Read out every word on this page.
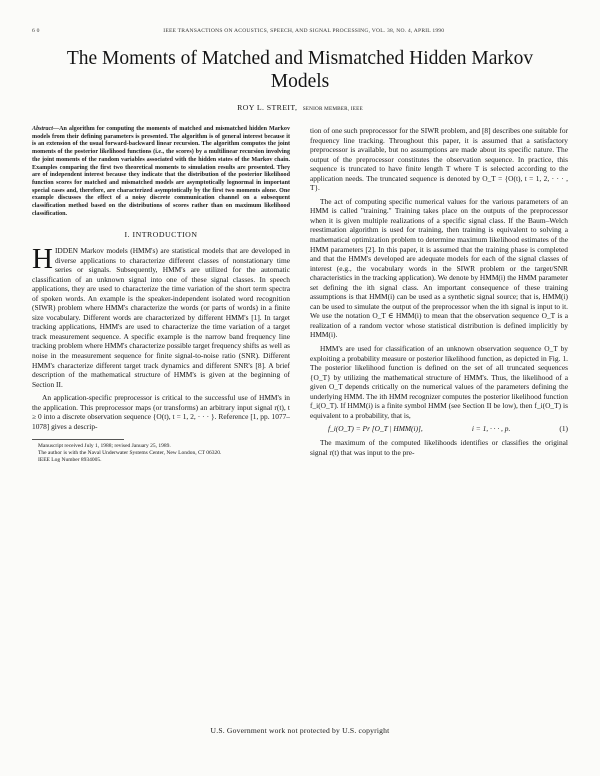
6 0	IEEE TRANSACTIONS ON ACOUSTICS, SPEECH, AND SIGNAL PROCESSING, VOL. 38, NO. 4, APRIL 1990
The Moments of Matched and Mismatched Hidden Markov Models
ROY L. STREIT, SENIOR MEMBER, IEEE
Abstract—An algorithm for computing the moments of matched and mismatched hidden Markov models from their defining parameters is presented. The algorithm is of general interest because it is an extension of the usual forward-backward linear recursion. The algorithm computes the joint moments of the posterior likelihood functions (i.e., the scores) by a multilinear recursion involving the joint moments of the random variables associated with the hidden states of the Markov chain. Examples comparing the first two theoretical moments to simulation results are presented. They are of independent interest because they indicate that the distribution of the posterior likelihood function scores for matched and mismatched models are asymptotically lognormal in important special cases and, therefore, are characterized asymptotically by the first two moments alone. One example discusses the effect of a noisy discrete communication channel on a subsequent classification method based on the distributions of scores rather than on maximum likelihood classification.
I. INTRODUCTION

HIDDEN Markov models (HMM's) are statistical models that are developed in diverse applications to characterize different classes of nonstationary time series or signals. Subsequently, HMM's are utilized for the automatic classification of an unknown signal into one of these signal classes. In speech applications, they are used to characterize the time variation of the short term spectra of spoken words. An example is the speaker-independent isolated word recognition (SIWR) problem where HMM's characterize the words (or parts of words) in a finite size vocabulary. Different words are characterized by different HMM's [1]. In target tracking applications, HMM's are used to characterize the time variation of a target track measurement sequence. A specific example is the narrow band frequency line tracking problem where HMM's characterize possible target frequency shifts as well as noise in the measurement sequence for finite signal-to-noise ratio (SNR). Different HMM's characterize different target track dynamics and different SNR's [8]. A brief description of the mathematical structure of HMM's is given at the beginning of Section II.

An application-specific preprocessor is critical to the successful use of HMM's in the application. This preprocessor maps (or transforms) an arbitrary input signal r(t), t ≥ 0 into a discrete observation sequence {O(t), t = 1, 2, · · · }. Reference [1, pp. 1077–1078] gives a descrip-

Manuscript received July 1, 1988; revised January 25, 1989.
The author is with the Naval Underwater Systems Center, New London, CT 06320.
IEEE Log Number 8934005.

tion of one such preprocessor for the SIWR problem, and [8] describes one suitable for frequency line tracking. Throughout this paper, it is assumed that a satisfactory preprocessor is available, but no assumptions are made about its specific nature. The output of the preprocessor constitutes the observation sequence. In practice, this sequence is truncated to have finite length T where T is selected according to the application needs. The truncated sequence is denoted by O_T = {O(t), t = 1, 2, · · · , T}.

The act of computing specific numerical values for the various parameters of an HMM is called "training." Training takes place on the outputs of the preprocessor when it is given multiple realizations of a specific signal class. If the Baum–Welch reestimation algorithm is used for training, then training is equivalent to solving a mathematical optimization problem to determine maximum likelihood estimates of the HMM parameters [2]. In this paper, it is assumed that the training phase is completed and that the HMM's developed are adequate models for each of the signal classes of interest (e.g., the vocabulary words in the SIWR problem or the target/SNR characteristics in the tracking application). We denote by HMM(i) the HMM parameter set defining the ith signal class. An important consequence of these training assumptions is that HMM(i) can be used as a synthetic signal source; that is, HMM(i) can be used to simulate the output of the preprocessor when the ith signal is input to it. We use the notation O_T ∈ HMM(i) to mean that the observation sequence O_T is a realization of a random vector whose statistical distribution is defined implicitly by HMM(i).

HMM's are used for classification of an unknown observation sequence O_T by exploiting a probability measure or posterior likelihood function, as depicted in Fig. 1. The posterior likelihood function is defined on the set of all truncated sequences {O_T} by utilizing the mathematical structure of HMM's. Thus, the likelihood of a given O_T depends critically on the numerical values of the parameters defining the underlying HMM. The ith HMM recognizer computes the posterior likelihood function f_i(O_T). If HMM(i) is a finite symbol HMM (see Section II be low), then f_i(O_T) is equivalent to a probability, that is,

f_i(O_T) = Pr [O_T | HMM(i)],	i = 1, · · · , p.	(1)

The maximum of the computed likelihoods identifies or classifies the original signal r(t) that was input to the pre-

U.S. Government work not protected by U.S. copyright
